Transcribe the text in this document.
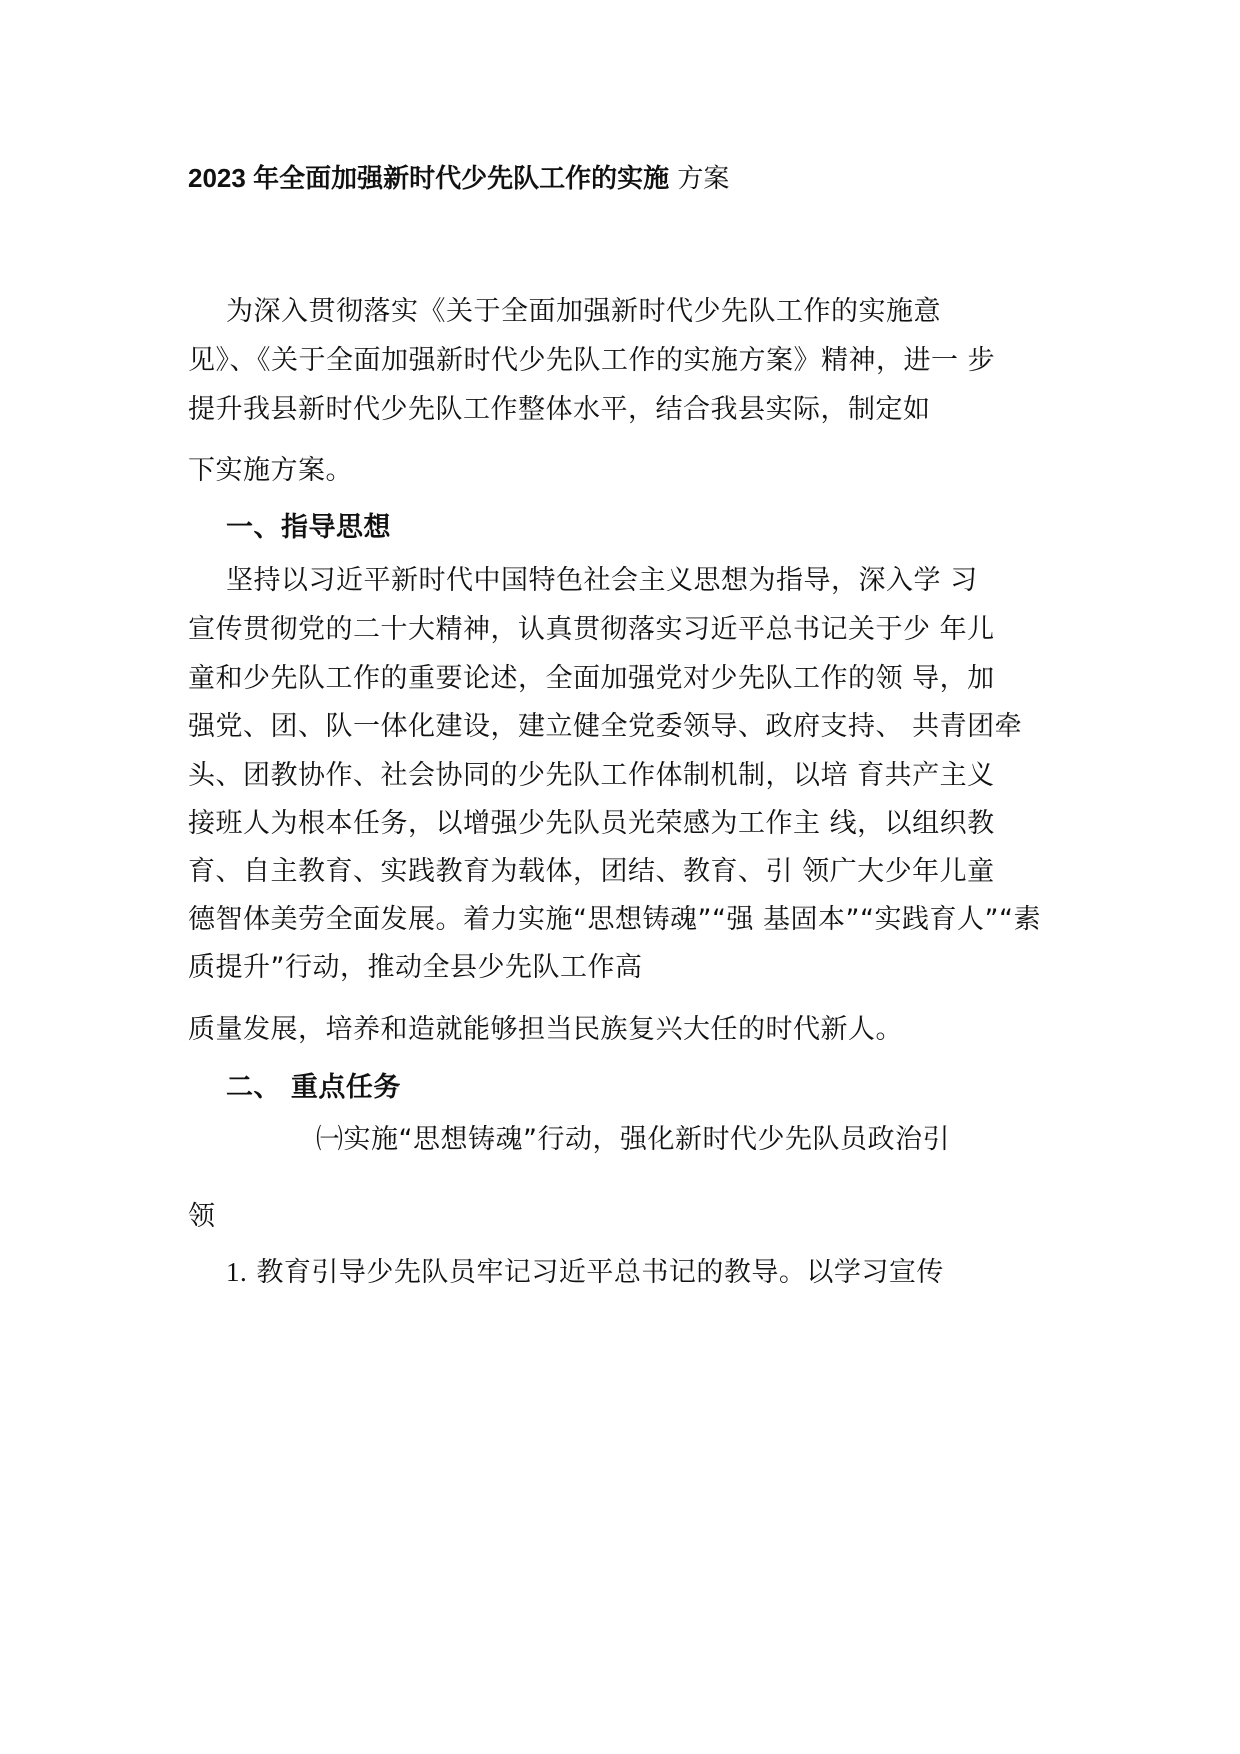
2023 年全面加强新时代少先队工作的实施 方案
为深入贯彻落实《关于全面加强新时代少先队工作的实施意
见》、《关于全面加强新时代少先队工作的实施方案》精神，进一 步
提升我县新时代少先队工作整体水平，结合我县实际，制定如
下实施方案。
一、指导思想
坚持以习近平新时代中国特色社会主义思想为指导，深入学 习
宣传贯彻党的二十大精神，认真贯彻落实习近平总书记关于少 年儿
童和少先队工作的重要论述，全面加强党对少先队工作的领 导，加
强党、团、队一体化建设，建立健全党委领导、政府支持、 共青团牵
头、团教协作、社会协同的少先队工作体制机制，以培 育共产主义
接班人为根本任务，以增强少先队员光荣感为工作主 线，以组织教
育、自主教育、实践教育为载体，团结、教育、引 领广大少年儿童
德智体美劳全面发展。着力实施“思想铸魂”“强 基固本”“实践育人”“素
质提升”行动，推动全县少先队工作高
质量发展，培养和造就能够担当民族复兴大任的时代新人。
二、 重点任务
㈠实施“思想铸魂”行动，强化新时代少先队员政治引
领
1. 教育引导少先队员牢记习近平总书记的教导。以学习宣传
